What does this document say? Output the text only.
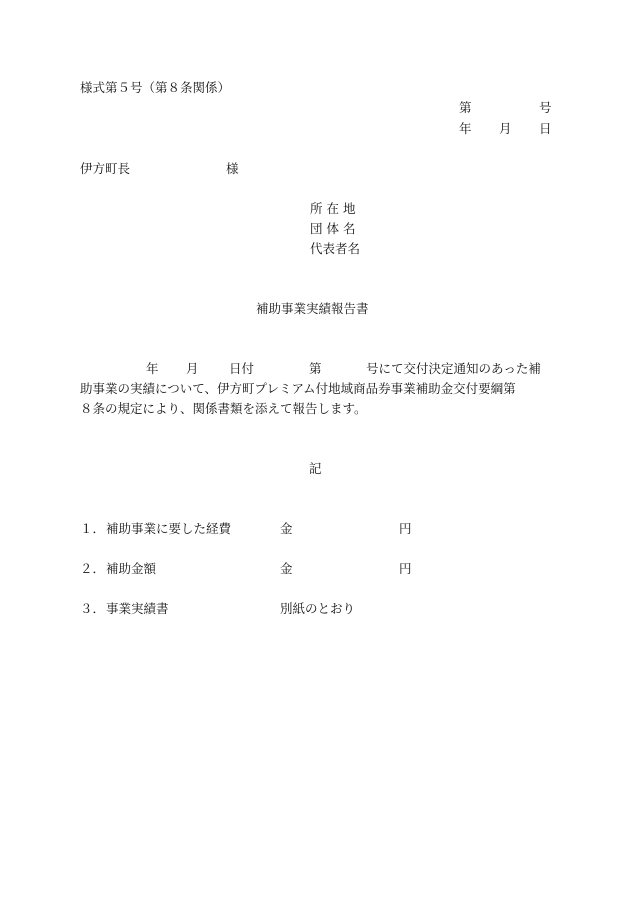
様式第５号（第８条関係）
第	号
年 月 日
伊方町長	様
所 在 地
団 体 名
代表者名
補助事業実績報告書
年 月 日付	第	号にて交付決定通知のあった補
助事業の実績について、伊方町プレミアム付地域商品券事業補助金交付要綱第
８条の規定により、関係書類を添えて報告します。
記
１． 補助事業に要した経費	金	円
２． 補助金額	金	円
３． 事業実績書	別紙のとおり
